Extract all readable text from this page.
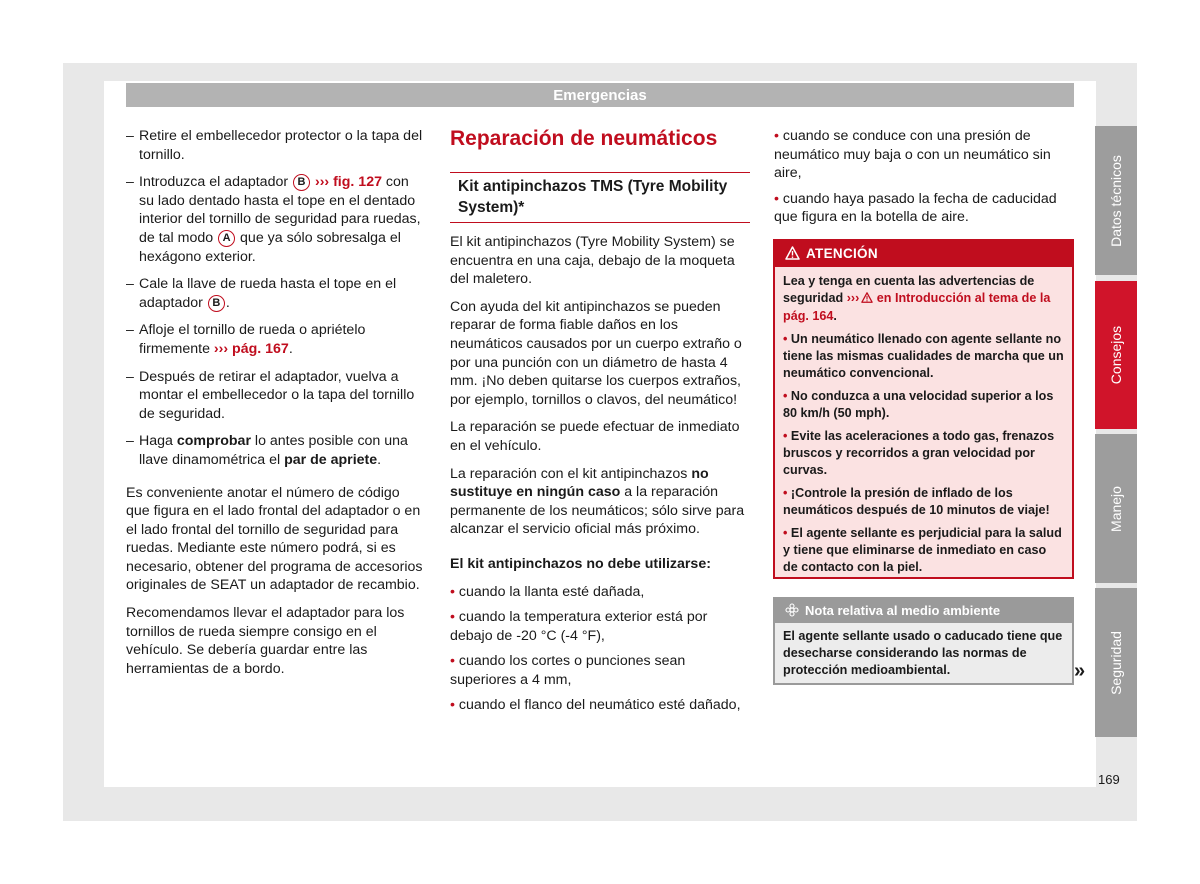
Emergencias
– Retire el embellecedor protector o la tapa del tornillo.
– Introduzca el adaptador B ››› fig. 127 con su lado dentado hasta el tope en el dentado interior del tornillo de seguridad para ruedas, de tal modo A que ya sólo sobresalga el hexágono exterior.
– Cale la llave de rueda hasta el tope en el adaptador B .
– Afloje el tornillo de rueda o apriételo firmemente ››› pág. 167.
– Después de retirar el adaptador, vuelva a montar el embellecedor o la tapa del tornillo de seguridad.
– Haga comprobar lo antes posible con una llave dinamométrica el par de apriete.

Es conveniente anotar el número de código que figura en el lado frontal del adaptador o en el lado frontal del tornillo de seguridad para ruedas. Mediante este número podrá, si es necesario, obtener del programa de accesorios originales de SEAT un adaptador de recambio.

Recomendamos llevar el adaptador para los tornillos de rueda siempre consigo en el vehículo. Se debería guardar entre las herramientas de a bordo.

Reparación de neumáticos
Kit antipinchazos TMS (Tyre Mobility System)*

El kit antipinchazos (Tyre Mobility System) se encuentra en una caja, debajo de la moqueta del maletero.

Con ayuda del kit antipinchazos se pueden reparar de forma fiable daños en los neumáticos causados por un cuerpo extraño o por una punción con un diámetro de hasta 4 mm. ¡No deben quitarse los cuerpos extraños, por ejemplo, tornillos o clavos, del neumático!

La reparación se puede efectuar de inmediato en el vehículo.

La reparación con el kit antipinchazos no sustituye en ningún caso a la reparación permanente de los neumáticos; sólo sirve para alcanzar el servicio oficial más próximo.

El kit antipinchazos no debe utilizarse:

• cuando la llanta esté dañada,
• cuando la temperatura exterior está por debajo de -20 °C (-4 °F),
• cuando los cortes o punciones sean superiores a 4 mm,
• cuando el flanco del neumático esté dañado,
• cuando se conduce con una presión de neumático muy baja o con un neumático sin aire,
• cuando haya pasado la fecha de caducidad que figura en la botella de aire.
ATENCIÓN

Lea y tenga en cuenta las advertencias de seguridad ››› en Introducción al tema de la pág. 164.

• Un neumático llenado con agente sellante no tiene las mismas cualidades de marcha que un neumático convencional.

• No conduzca a una velocidad superior a los 80 km/h (50 mph).

• Evite las aceleraciones a todo gas, frenazos bruscos y recorridos a gran velocidad por curvas.

• ¡Controle la presión de inflado de los neumáticos después de 10 minutos de viaje!

• El agente sellante es perjudicial para la salud y tiene que eliminarse de inmediato en caso de contacto con la piel.

Nota relativa al medio ambiente
El agente sellante usado o caducado tiene que desecharse considerando las normas de protección medioambiental.	»
Datos técnicos
Consejos
Manejo
Seguridad
169
